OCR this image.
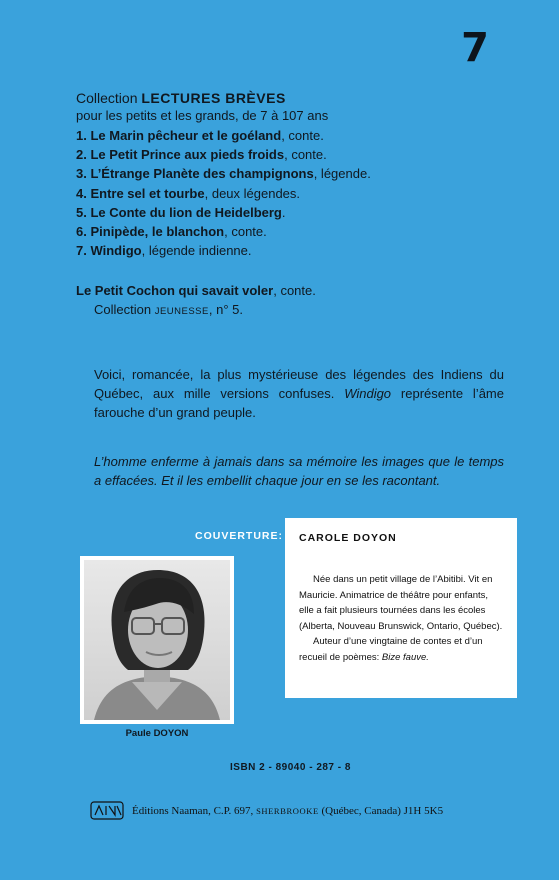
7
Collection LECTURES BRÈVES
pour les petits et les grands, de 7 à 107 ans
1. Le Marin pêcheur et le goéland, conte.
2. Le Petit Prince aux pieds froids, conte.
3. L’Étrange Planète des champignons, légende.
4. Entre sel et tourbe, deux légendes.
5. Le Conte du lion de Heidelberg.
6. Pinipède, le blanchon, conte.
7. Windigo, légende indienne.
Le Petit Cochon qui savait voler, conte.
Collection JEUNESSE, n° 5.

Voici, romancée, la plus mystérieuse des légendes des Indiens du Québec, aux mille versions confuses. Windigo représente l’âme farouche d’un grand peuple.

L’homme enferme à jamais dans sa mémoire les images que le temps a effacées. Et il les embellit chaque jour en se les racontant.

COUVERTURE: CAROLE DOYON

Née dans un petit village de l’Abitibi. Vit en Mauricie. Animatrice de théâtre pour enfants, elle a fait plusieurs tournées dans les écoles (Alberta, Nouveau Brunswick, Ontario, Québec).

Auteur d’une vingtaine de contes et d’un recueil de poèmes: Bize fauve.

Paule DOYON
ISBN 2 - 89040 - 287 - 8
Éditions Naaman, C.P. 697, SHERBROOKE (Québec, Canada) J1H 5K5
